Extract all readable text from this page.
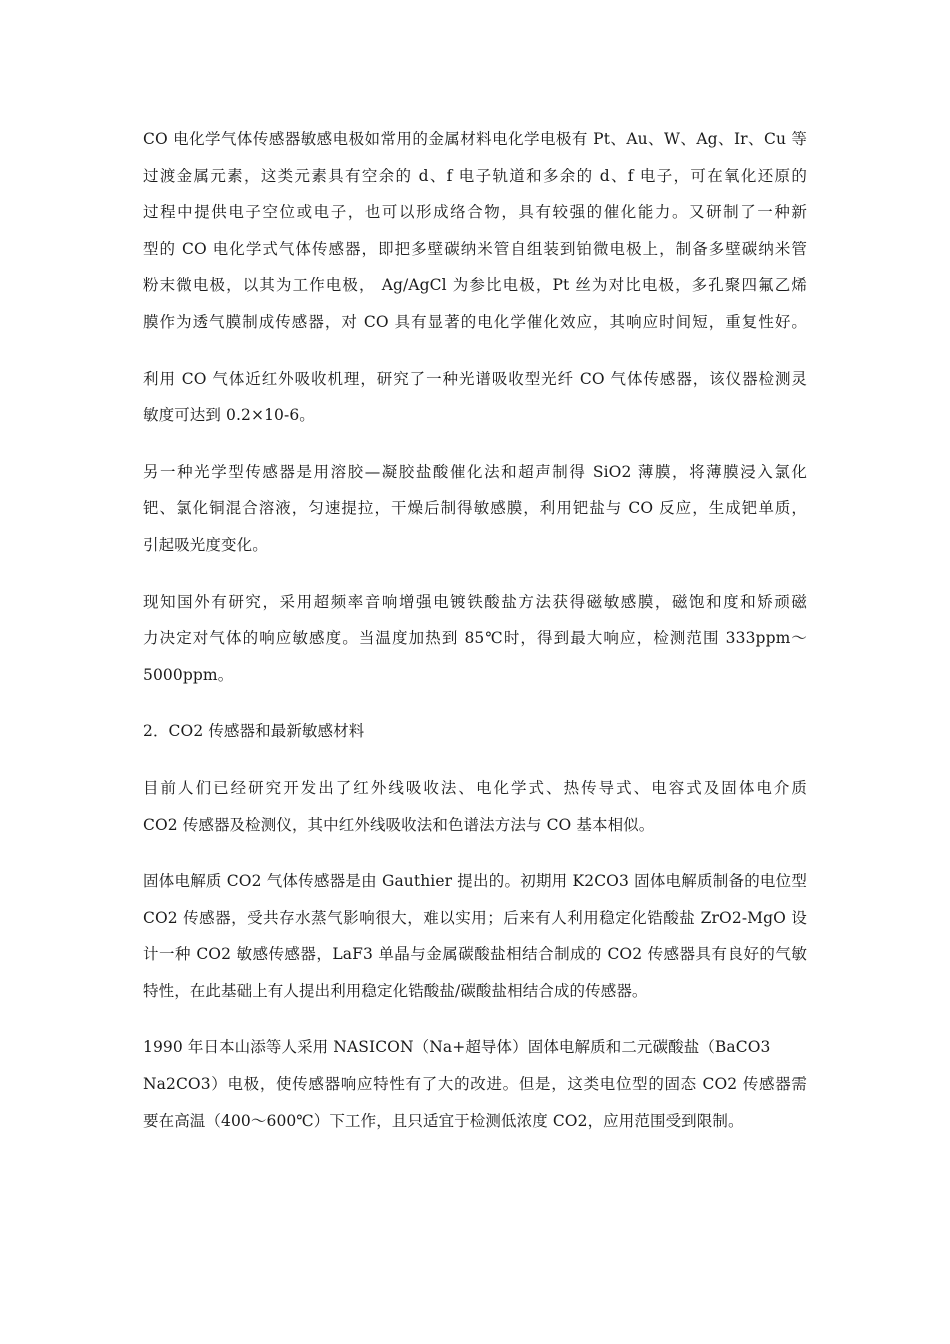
CO 电化学气体传感器敏感电极如常用的金属材料电化学电极有 Pt、Au、W、Ag、Ir、Cu 等
过渡金属元素，这类元素具有空余的 d、f 电子轨道和多余的 d、f 电子，可在氧化还原的
过程中提供电子空位或电子，也可以形成络合物，具有较强的催化能力。又研制了一种新
型的 CO 电化学式气体传感器，即把多壁碳纳米管自组装到铂微电极上，制备多壁碳纳米管
粉末微电极，以其为工作电极， Ag/AgCl 为参比电极，Pt 丝为对比电极，多孔聚四氟乙烯
膜作为透气膜制成传感器，对 CO 具有显著的电化学催化效应，其响应时间短，重复性好。
利用 CO 气体近红外吸收机理，研究了一种光谱吸收型光纤 CO 气体传感器，该仪器检测灵
敏度可达到 0.2×10-6。
另一种光学型传感器是用溶胶—凝胶盐酸催化法和超声制得 SiO2 薄膜，将薄膜浸入氯化
钯、氯化铜混合溶液，匀速提拉，干燥后制得敏感膜，利用钯盐与 CO 反应，生成钯单质，
引起吸光度变化。
现知国外有研究，采用超频率音响增强电镀铁酸盐方法获得磁敏感膜，磁饱和度和矫顽磁
力决定对气体的响应敏感度。当温度加热到 85℃时，得到最大响应，检测范围 333ppm～
5000ppm。
2．CO2 传感器和最新敏感材料
目前人们已经研究开发出了红外线吸收法、电化学式、热传导式、电容式及固体电介质
CO2 传感器及检测仪，其中红外线吸收法和色谱法方法与 CO 基本相似。
固体电解质 CO2 气体传感器是由 Gauthier 提出的。初期用 K2CO3 固体电解质制备的电位型
CO2 传感器，受共存水蒸气影响很大，难以实用；后来有人利用稳定化锆酸盐 ZrO2-MgO 设
计一种 CO2 敏感传感器，LaF3 单晶与金属碳酸盐相结合制成的 CO2 传感器具有良好的气敏
特性，在此基础上有人提出利用稳定化锆酸盐/碳酸盐相结合成的传感器。
1990 年日本山添等人采用 NASICON（Na+超导体）固体电解质和二元碳酸盐（BaCO3
Na2CO3）电极，使传感器响应特性有了大的改进。但是，这类电位型的固态 CO2 传感器需
要在高温（400～600℃）下工作，且只适宜于检测低浓度 CO2，应用范围受到限制。
